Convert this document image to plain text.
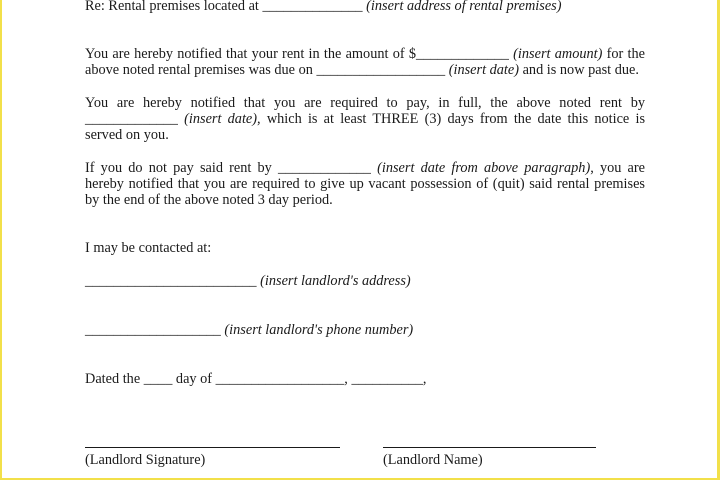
Re: Rental premises located at ______________ (insert address of rental premises)
You are hereby notified that your rent in the amount of $_____________ (insert amount) for the
above noted rental premises was due on __________________ (insert date) and is now past due.
You are hereby notified that you are required to pay, in full, the above noted rent by
_____________ (insert date), which is at least THREE (3) days from the date this notice is
served on you.
If you do not pay said rent by _____________ (insert date from above paragraph), you are
hereby notified that you are required to give up vacant possession of (quit) said rental premises
by the end of the above noted 3 day period.
I may be contacted at:
________________________ (insert landlord's address)
___________________ (insert landlord's phone number)
Dated the ____ day of __________________, __________,
(Landlord Signature)	(Landlord Name)
